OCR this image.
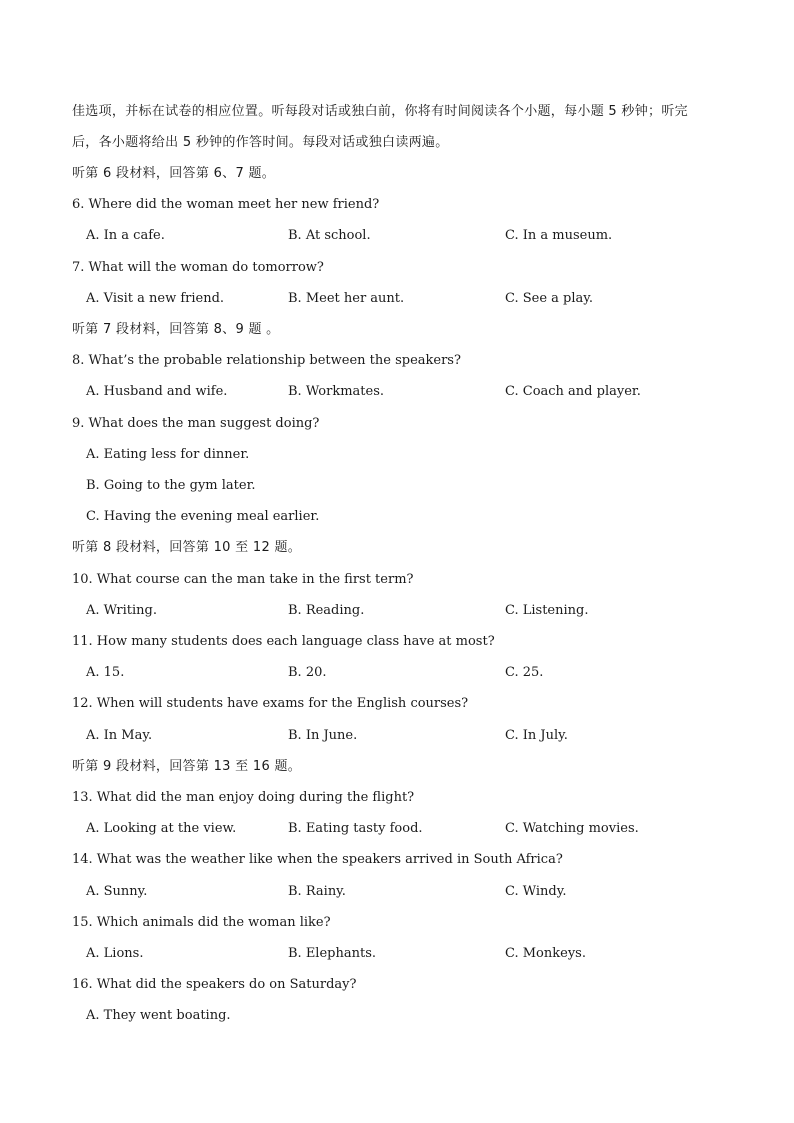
佳选项，并标在试卷的相应位置。听每段对话或独白前，你将有时间阅读各个小题，每小题 5 秒钟；听完
后，各小题将给出 5 秒钟的作答时间。每段对话或独白读两遍。
听第 6 段材料，回答第 6、7 题。
6. Where did the woman meet her new friend?
A. In a cafe.	B. At school.	C. In a museum.
7. What will the woman do tomorrow?
A. Visit a new friend.	B. Meet her aunt.	C. See a play.
听第 7 段材料，回答第 8、9 题 。
8. What’s the probable relationship between the speakers?
A. Husband and wife.	B. Workmates.	C. Coach and player.
9. What does the man suggest doing?
A. Eating less for dinner.
B. Going to the gym later.
C. Having the evening meal earlier.
听第 8 段材料，回答第 10 至 12 题。
10. What course can the man take in the first term?
A. Writing.	B. Reading.	C. Listening.
11. How many students does each language class have at most?
A. 15.	B. 20.	C. 25.
12. When will students have exams for the English courses?
A. In May.	B. In June.	C. In July.
听第 9 段材料，回答第 13 至 16 题。
13. What did the man enjoy doing during the flight?
A. Looking at the view.	B. Eating tasty food.	C. Watching movies.
14. What was the weather like when the speakers arrived in South Africa?
A. Sunny.	B. Rainy.	C. Windy.
15. Which animals did the woman like?
A. Lions.	B. Elephants.	C. Monkeys.
16. What did the speakers do on Saturday?
A. They went boating.
